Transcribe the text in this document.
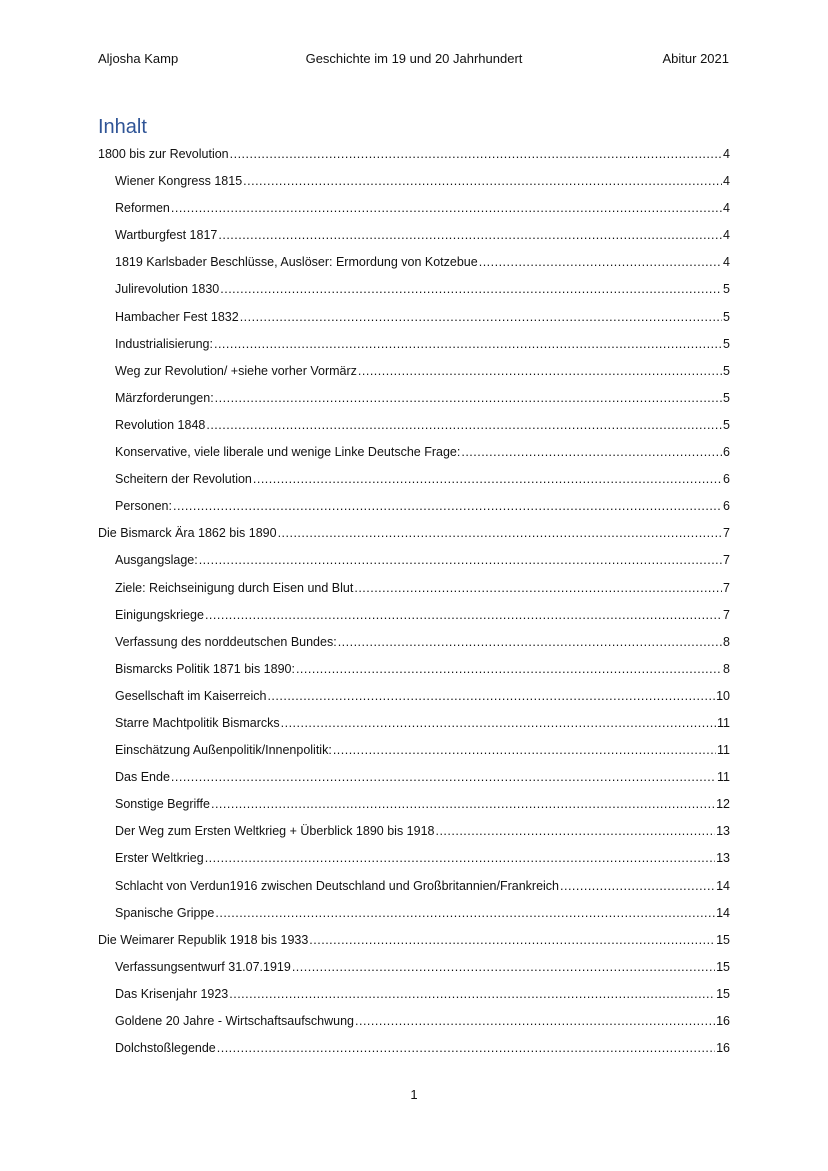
Aljosha Kamp	Geschichte im 19 und 20 Jahrhundert	Abitur 2021
Inhalt
1800 bis zur Revolution .....	4
Wiener Kongress 1815 .....	4
Reformen .....	4
Wartburgfest 1817 .....	4
1819 Karlsbader Beschlüsse, Auslöser: Ermordung von Kotzebue .....	4
Julirevolution 1830 .....	5
Hambacher Fest 1832 .....	5
Industrialisierung: .....	5
Weg zur Revolution/ +siehe vorher Vormärz .....	5
Märzforderungen: .....	5
Revolution 1848 .....	5
Konservative, viele liberale und wenige Linke Deutsche Frage: .....	6
Scheitern der Revolution .....	6
Personen: .....	6
Die Bismarck Ära 1862 bis 1890 .....	7
Ausgangslage: .....	7
Ziele: Reichseinigung durch Eisen und Blut .....	7
Einigungskriege .....	7
Verfassung des norddeutschen Bundes: .....	8
Bismarcks Politik 1871 bis 1890: .....	8
Gesellschaft im Kaiserreich .....	10
Starre Machtpolitik Bismarcks .....	11
Einschätzung Außenpolitik/Innenpolitik: .....	11
Das Ende .....	11
Sonstige Begriffe .....	12
Der Weg zum Ersten Weltkrieg + Überblick 1890 bis 1918 .....	13
Erster Weltkrieg .....	13
Schlacht von Verdun1916 zwischen Deutschland und Großbritannien/Frankreich .....	14
Spanische Grippe .....	14
Die Weimarer Republik 1918 bis 1933 .....	15
Verfassungsentwurf 31.07.1919 .....	15
Das Krisenjahr 1923 .....	15
Goldene 20 Jahre - Wirtschaftsaufschwung .....	16
Dolchstoßlegende .....	16
1
